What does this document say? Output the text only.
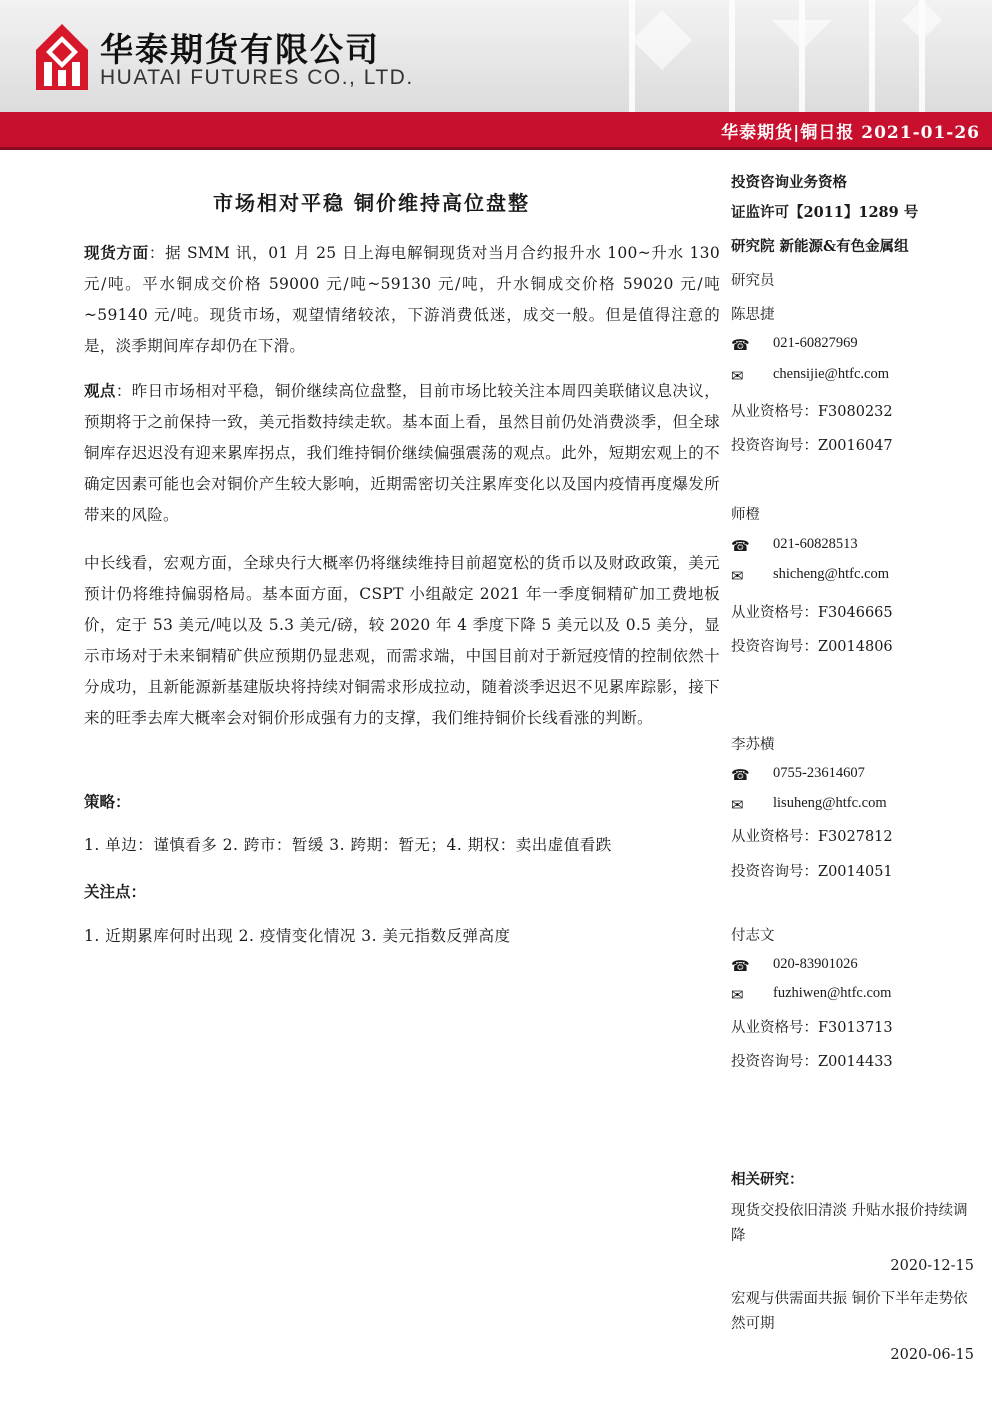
华泰期货有限公司
HUATAI FUTURES CO., LTD.
华泰期货|铜日报 2021-01-26
市场相对平稳 铜价维持高位盘整
现货方面：据 SMM 讯，01 月 25 日上海电解铜现货对当月合约报升水 100~升水 130 元/吨。平水铜成交价格 59000 元/吨~59130 元/吨，升水铜成交价格 59020 元/吨~59140 元/吨。现货市场，观望情绪较浓，下游消费低迷，成交一般。但是值得注意的是，淡季期间库存却仍在下滑。
观点：昨日市场相对平稳，铜价继续高位盘整，目前市场比较关注本周四美联储议息决议，预期将于之前保持一致，美元指数持续走软。基本面上看，虽然目前仍处消费淡季，但全球铜库存迟迟没有迎来累库拐点，我们维持铜价继续偏强震荡的观点。此外，短期宏观上的不确定因素可能也会对铜价产生较大影响，近期需密切关注累库变化以及国内疫情再度爆发所带来的风险。
中长线看，宏观方面，全球央行大概率仍将继续维持目前超宽松的货币以及财政政策，美元预计仍将维持偏弱格局。基本面方面，CSPT 小组敲定 2021 年一季度铜精矿加工费地板价，定于 53 美元/吨以及 5.3 美元/磅，较 2020 年 4 季度下降 5 美元以及 0.5 美分，显示市场对于未来铜精矿供应预期仍显悲观，而需求端，中国目前对于新冠疫情的控制依然十分成功，且新能源新基建版块将持续对铜需求形成拉动，随着淡季迟迟不见累库踪影，接下来的旺季去库大概率会对铜价形成强有力的支撑，我们维持铜价长线看涨的判断。
策略：
1. 单边：谨慎看多 2. 跨市：暂缓 3. 跨期：暂无；4. 期权：卖出虚值看跌
关注点：
1. 近期累库何时出现 2. 疫情变化情况 3. 美元指数反弹高度
投资咨询业务资格
证监许可【2011】1289 号
研究院 新能源&有色金属组
研究员
陈思捷
☎ 021-60827969
✉	chensijie@htfc.com
从业资格号：F3080232
投资咨询号：Z0016047
师橙
☎ 021-60828513
✉	shicheng@htfc.com
从业资格号：F3046665
投资咨询号：Z0014806
李苏横
☎ 0755-23614607
✉	lisuheng@htfc.com
从业资格号：F3027812
投资咨询号：Z0014051
付志文
☎ 020-83901026
✉	fuzhiwen@htfc.com
从业资格号：F3013713
投资咨询号：Z0014433
相关研究：
现货交投依旧清淡 升贴水报价持续调降
2020-12-15
宏观与供需面共振 铜价下半年走势依然可期
2020-06-15
